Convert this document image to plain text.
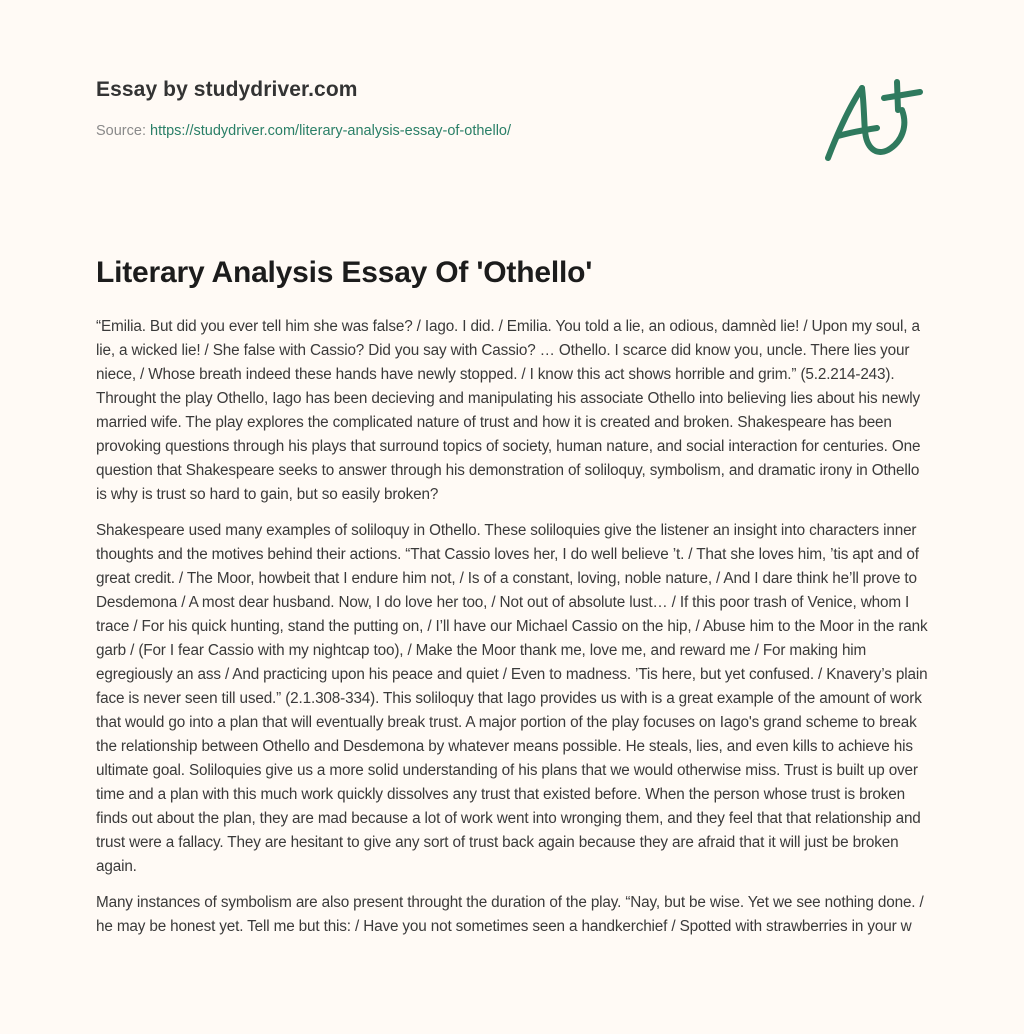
Essay by studydriver.com
Source: https://studydriver.com/literary-analysis-essay-of-othello/
Literary Analysis Essay Of 'Othello'

“Emilia. But did you ever tell him she was false? / Iago. I did. / Emilia. You told a lie, an odious, damnèd lie! / Upon my soul, a lie, a wicked lie! / She false with Cassio? Did you say with Cassio? … Othello. I scarce did know you, uncle. There lies your niece, / Whose breath indeed these hands have newly stopped. / I know this act shows horrible and grim.” (5.2.214-243). Throught the play Othello, Iago has been decieving and manipulating his associate Othello into believing lies about his newly married wife. The play explores the complicated nature of trust and how it is created and broken. Shakespeare has been provoking questions through his plays that surround topics of society, human nature, and social interaction for centuries. One question that Shakespeare seeks to answer through his demonstration of soliloquy, symbolism, and dramatic irony in Othello is why is trust so hard to gain, but so easily broken?

Shakespeare used many examples of soliloquy in Othello. These soliloquies give the listener an insight into characters inner thoughts and the motives behind their actions. “That Cassio loves her, I do well believe ’t. / That she loves him, ’tis apt and of great credit. / The Moor, howbeit that I endure him not, / Is of a constant, loving, noble nature, / And I dare think he’ll prove to Desdemona / A most dear husband. Now, I do love her too, / Not out of absolute lust… / If this poor trash of Venice, whom I trace / For his quick hunting, stand the putting on, / I’ll have our Michael Cassio on the hip, / Abuse him to the Moor in the rank garb / (For I fear Cassio with my nightcap too), / Make the Moor thank me, love me, and reward me / For making him egregiously an ass / And practicing upon his peace and quiet / Even to madness. ’Tis here, but yet confused. / Knavery’s plain face is never seen till used.” (2.1.308-334). This soliloquy that Iago provides us with is a great example of the amount of work that would go into a plan that will eventually break trust. A major portion of the play focuses on Iago's grand scheme to break the relationship between Othello and Desdemona by whatever means possible. He steals, lies, and even kills to achieve his ultimate goal. Soliloquies give us a more solid understanding of his plans that we would otherwise miss. Trust is built up over time and a plan with this much work quickly dissolves any trust that existed before. When the person whose trust is broken finds out about the plan, they are mad because a lot of work went into wronging them, and they feel that that relationship and trust were a fallacy. They are hesitant to give any sort of trust back again because they are afraid that it will just be broken again.

Many instances of symbolism are also present throught the duration of the play. “Nay, but be wise. Yet we see nothing done. / he may be honest yet. Tell me but this: / Have you not sometimes seen a handkerchief / Spotted with strawberries in your w
